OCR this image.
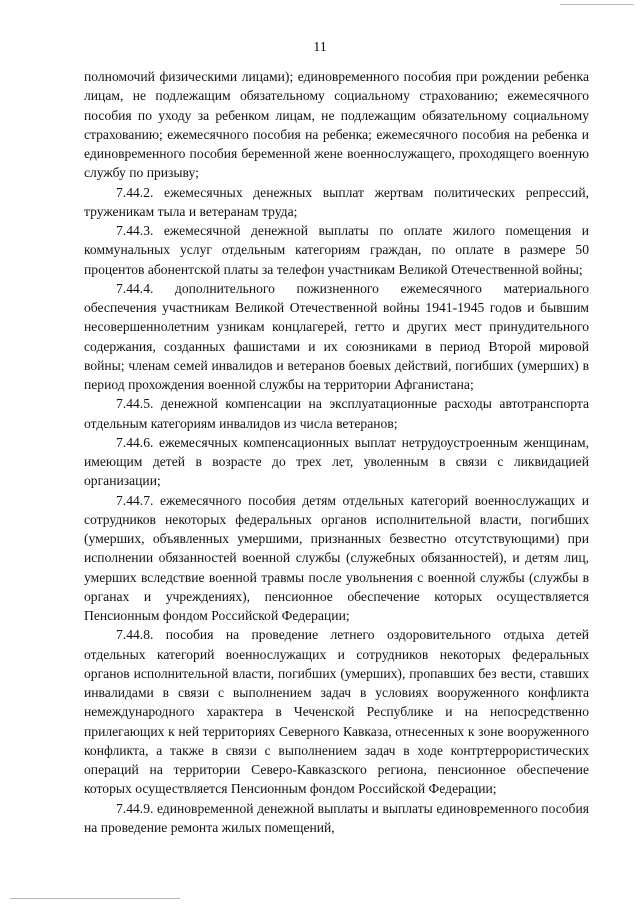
11

полномочий физическими лицами); единовременного пособия при рождении ребенка лицам, не подлежащим обязательному социальному страхованию; ежемесячного пособия по уходу за ребенком лицам, не подлежащим обязательному социальному страхованию; ежемесячного пособия на ребенка; ежемесячного пособия на ребенка и единовременного пособия беременной жене военнослужащего, проходящего военную службу по призыву;

7.44.2. ежемесячных денежных выплат жертвам политических репрессий, труженикам тыла и ветеранам труда;

7.44.3. ежемесячной денежной выплаты по оплате жилого помещения и коммунальных услуг отдельным категориям граждан, по оплате в размере 50 процентов абонентской платы за телефон участникам Великой Отечественной войны;

7.44.4. дополнительного пожизненного ежемесячного материального обеспечения участникам Великой Отечественной войны 1941-1945 годов и бывшим несовершеннолетним узникам концлагерей, гетто и других мест принудительного содержания, созданных фашистами и их союзниками в период Второй мировой войны; членам семей инвалидов и ветеранов боевых действий, погибших (умерших) в период прохождения военной службы на территории Афганистана;

7.44.5. денежной компенсации на эксплуатационные расходы автотранспорта отдельным категориям инвалидов из числа ветеранов;

7.44.6. ежемесячных компенсационных выплат нетрудоустроенным женщинам, имеющим детей в возрасте до трех лет, уволенным в связи с ликвидацией организации;

7.44.7. ежемесячного пособия детям отдельных категорий военнослужащих и сотрудников некоторых федеральных органов исполнительной власти, погибших (умерших, объявленных умершими, признанных безвестно отсутствующими) при исполнении обязанностей военной службы (служебных обязанностей), и детям лиц, умерших вследствие военной травмы после увольнения с военной службы (службы в органах и учреждениях), пенсионное обеспечение которых осуществляется Пенсионным фондом Российской Федерации;

7.44.8. пособия на проведение летнего оздоровительного отдыха детей отдельных категорий военнослужащих и сотрудников некоторых федеральных органов исполнительной власти, погибших (умерших), пропавших без вести, ставших инвалидами в связи с выполнением задач в условиях вооруженного конфликта немеждународного характера в Чеченской Республике и на непосредственно прилегающих к ней территориях Северного Кавказа, отнесенных к зоне вооруженного конфликта, а также в связи с выполнением задач в ходе контртеррористических операций на территории Северо-Кавказского региона, пенсионное обеспечение которых осуществляется Пенсионным фондом Российской Федерации;

7.44.9. единовременной денежной выплаты и выплаты единовременного пособия на проведение ремонта жилых помещений,
